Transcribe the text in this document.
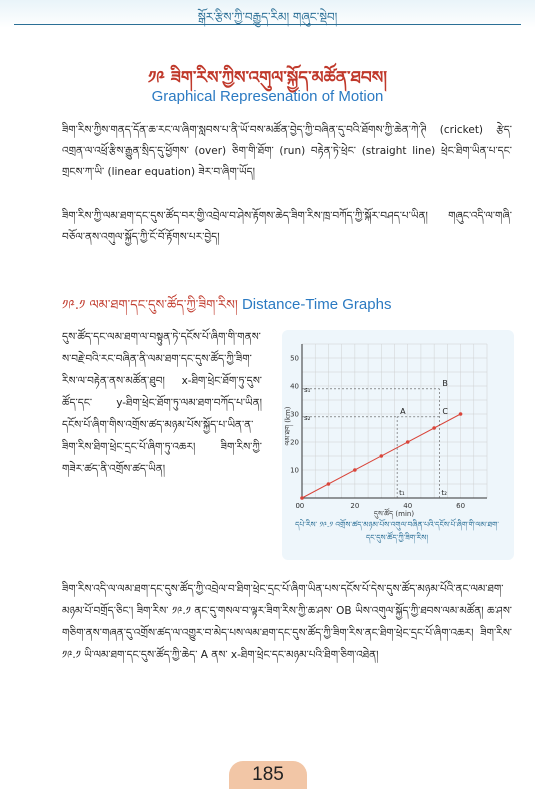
སྒོར་རྩིས་ཀྱི་བརྒྱུད་རིམ། གཞུང་སྡེབ།
༡༩ ཟིག་རིས་ཀྱིས་འགུལ་སྐྱོད་མཚོན་ཐབས།
Graphical Represenation of Motion
ཟིག་རིས་ཀྱིས་གནད་དོན་ཆ་རང་ལ་ཞིག་སླབས་པ་ནི་ཡོ་བས་མཚོན་བྱེད་ཀྱི་བཞིན་དུ་བའི་ཐོགས་ཀྱི་ཆེན་ཀེ་ཊི (cricket) རྩེད་འགྲན་ལ་འཕྲོ་རྩིས་རྒྱུན་སྲིད་དུ་ཕྱོགས་ (over) ཅིག་གི་ཐོག་ (run) བརྟེན་ཏེ་ཕྲེང་ (straight line) ཕྲེང་ཐིག་ཡིན་པ་དང་གྲངས་ཀ་ཡི་ (linear equation) ཟེར་བ་ཞིག་ཡོད།
ཟིག་རིས་ཀྱི་ལམ་ཐག་དང་དུས་ཚོད་བར་གྱི་འབྲེལ་བ་ཤེས་རྟོགས་ཆེད་ཟིག་རིས་ཁྲ་བཀོད་ཀྱི་སྐོར་བཤད་པ་ཡིན། གཞུང་འདི་ལ་གཞི་བཅོལ་ནས་འགུལ་སྐྱོད་ཀྱི་ངོ་བོ་རྟོགས་པར་བྱེད།
༡༩.༡ ལམ་ཐག་དང་དུས་ཚོད་ཀྱི་ཟིག་རིས། Distance-Time Graphs
དུས་ཚོད་དང་ལམ་ཐག་ལ་བསྟུན་ཏེ་དངོས་པོ་ཞིག་གི་གནས་ས་བརྗེ་བའི་རང་བཞིན་ནི་ལམ་ཐག་དང་དུས་ཚོད་ཀྱི་ཟིག་རིས་ལ་བརྟེན་ནས་མཚོན་ཐུབ། x-ཐིག་ཕྲེང་ཐོག་ཏུ་དུས་ཚོད་དང་ y-ཐིག་ཕྲེང་ཐོག་ཏུ་ལམ་ཐག་བཀོད་པ་ཡིན། དངོས་པོ་ཞིག་གིས་འགྲོས་ཚད་མཉམ་པོས་སྐྱོད་པ་ཡིན་ན་ཟིག་རིས་ཐིག་ཕྲེང་དྲང་པོ་ཞིག་ཏུ་འཆར། ཟིག་རིས་ཀྱི་གཟེར་ཚད་ནི་འགྲོས་ཚད་ཡིན།
0	20	40	60
10
20
30
40
50
A
B
C
0
s₁
s₂
t₁	t₂
ལམ་ཐག (km)
དུས་ཚོད (min)
དཔེ་རིས་ ༡༩.༡ འགྲོས་ཚད་མཉམ་པོས་འགུལ་བཞིན་པའི་དངོས་པོ་ཞིག་གི་ལམ་ཐག་དང་དུས་ཚོད་ཀྱི་ཟིག་རིས།
ཟིག་རིས་འདི་ལ་ལམ་ཐག་དང་དུས་ཚོད་ཀྱི་འབྲེལ་བ་ཐིག་ཕྲེང་དྲང་པོ་ཞིག་ཡིན་པས་དངོས་པོ་དེས་དུས་ཚོད་མཉམ་པོའི་ནང་ལམ་ཐག་མཉམ་པོ་བགྲོད་ཅིང་། ཟིག་རིས་ ༡༩.༡ ནང་དུ་གསལ་བ་ལྟར་ཟིག་རིས་ཀྱི་ཆ་ཤས་ OB ཡིས་འགུལ་སྐྱོད་ཀྱི་ཐབས་ལམ་མཚོན། ཆ་ཤས་གཅིག་ནས་གཞན་དུ་འགྲོས་ཚད་ལ་འགྱུར་བ་མེད་པས་ལམ་ཐག་དང་དུས་ཚོད་ཀྱི་ཟིག་རིས་ནང་ཐིག་ཕྲེང་དྲང་པོ་ཞིག་འཆར། ཟིག་རིས་ ༡༩.༡ ཡི་ལམ་ཐག་དང་དུས་ཚོད་ཀྱི་ཆེད་ A ནས་ x-ཐིག་ཕྲེང་དང་མཉམ་པའི་ཐིག་ཅིག་འཐེན།
185
